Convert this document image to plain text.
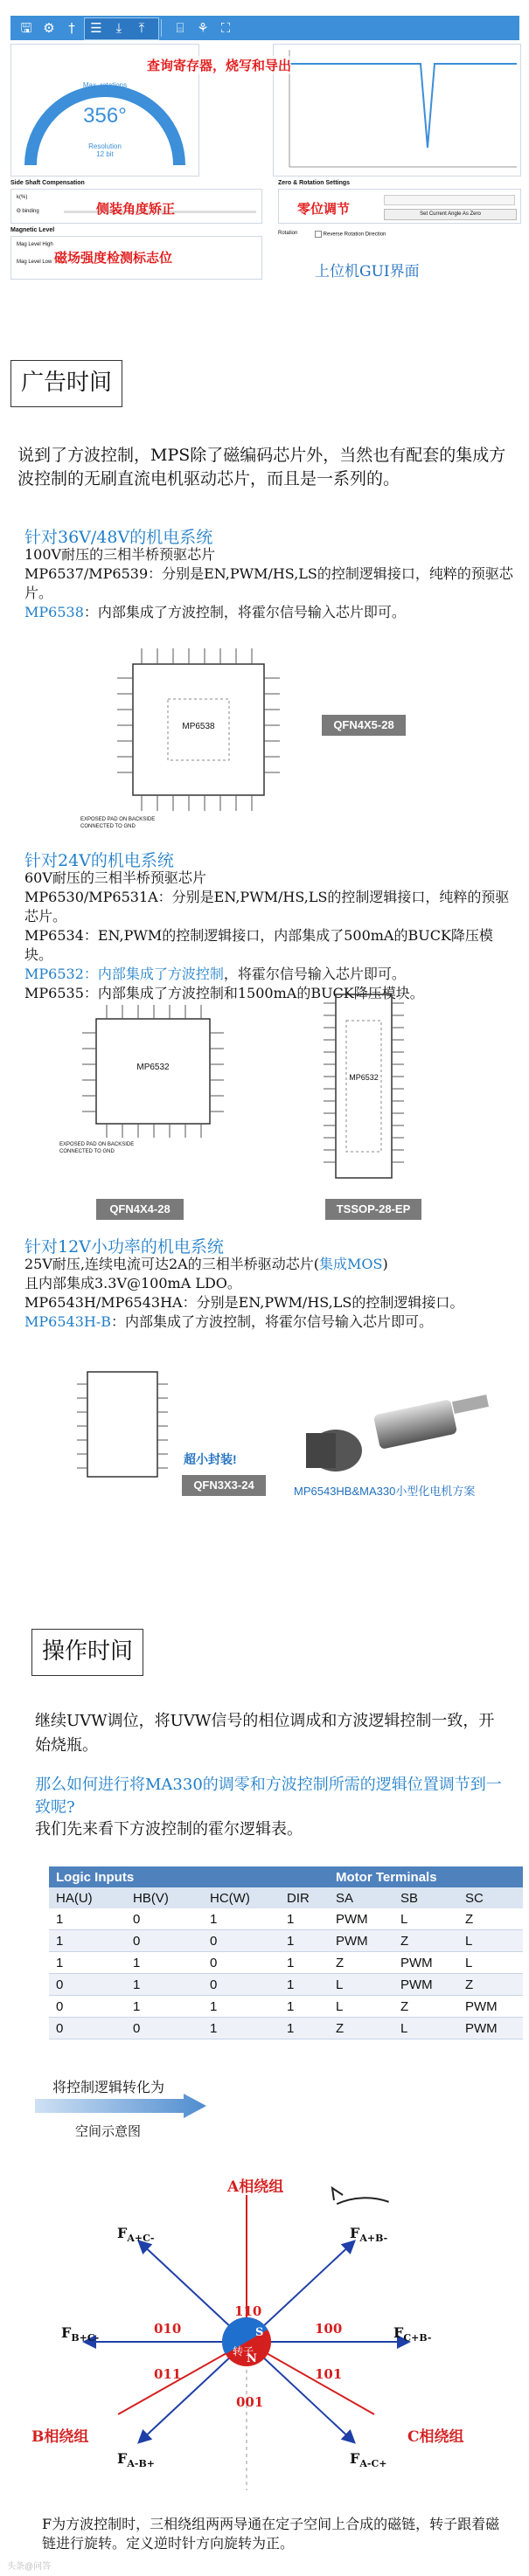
🖫 ⚙	†	☰	⤓	⤒	⌸ ⚘ ⛶
Max. rotations
0.0
356°
Resolution
12 bit
查询寄存器，烧写和导出
Side Shaft Compensation
k(%)
Θ binding	侧装角度矫正
Zero & Rotation Settings
Set Current Angle As Zero
零位调节
Magnetic Level
Mag Level High
Mag Level Low 磁场强度检测标志位
Rotation	Reverse Rotation Direction
上位机GUI界面
广告时间
说到了方波控制，MPS除了磁编码芯片外，当然也有配套的集成方波控制的无刷直流电机驱动芯片，而且是一系列的。
针对36V/48V的机电系统
100V耐压的三相半桥预驱芯片
MP6537/MP6539：分别是EN,PWM/HS,LS的控制逻辑接口，纯粹的预驱芯片。
MP6538：内部集成了方波控制，将霍尔信号输入芯片即可。
MP6538
EXPOSED PAD ON BACKSIDE CONNECTED TO GND
QFN4X5-28
针对24V的机电系统
60V耐压的三相半桥预驱芯片
MP6530/MP6531A：分别是EN,PWM/HS,LS的控制逻辑接口，纯粹的预驱芯片。
MP6534：EN,PWM的控制逻辑接口，内部集成了500mA的BUCK降压模块。
MP6532：内部集成了方波控制，将霍尔信号输入芯片即可。
MP6535：内部集成了方波控制和1500mA的BUCK降压模块。
MP6532
EXPOSED PAD ON BACKSIDE CONNECTED TO GND
MP6532
QFN4X4-28	TSSOP-28-EP
针对12V小功率的机电系统
25V耐压,连续电流可达2A的三相半桥驱动芯片(集成MOS)
且内部集成3.3V@100mA LDO。
MP6543H/MP6543HA：分别是EN,PWM/HS,LS的控制逻辑接口。
MP6543H-B：内部集成了方波控制，将霍尔信号输入芯片即可。
超小封装!
QFN3X3-24	MP6543HB&MA330小型化电机方案
操作时间
继续UVW调位，将UVW信号的相位调成和方波逻辑控制一致，开始烧瓶。
那么如何进行将MA330的调零和方波控制所需的逻辑位置调节到一致呢?
我们先来看下方波控制的霍尔逻辑表。
Logic Inputs				Motor Terminals		
HA(U)	HB(V)	HC(W)	DIR	SA	SB	SC
1	0	1	1	PWM	L	Z
1	0	0	1	PWM	Z	L
1	1	0	1	Z	PWM	L
0	1	0	1	L	PWM	Z
0	1	1	1	L	Z	PWM
0	0	1	1	Z	L	PWM
将控制逻辑转化为
空间示意图
A相绕组
B相绕组	C相绕组
110
100
101
001
011
010
转子
S
N
$F_{A+C-}$	$F_{A+B-}$
$F_{B+C-}$	$F_{C+B-}$
$F_{A-B+}$	$F_{A-C+}$
F为方波控制时，三相绕组两两导通在定子空间上合成的磁链，转子跟着磁链进行旋转。定义逆时针方向旋转为正。
头条@问答
